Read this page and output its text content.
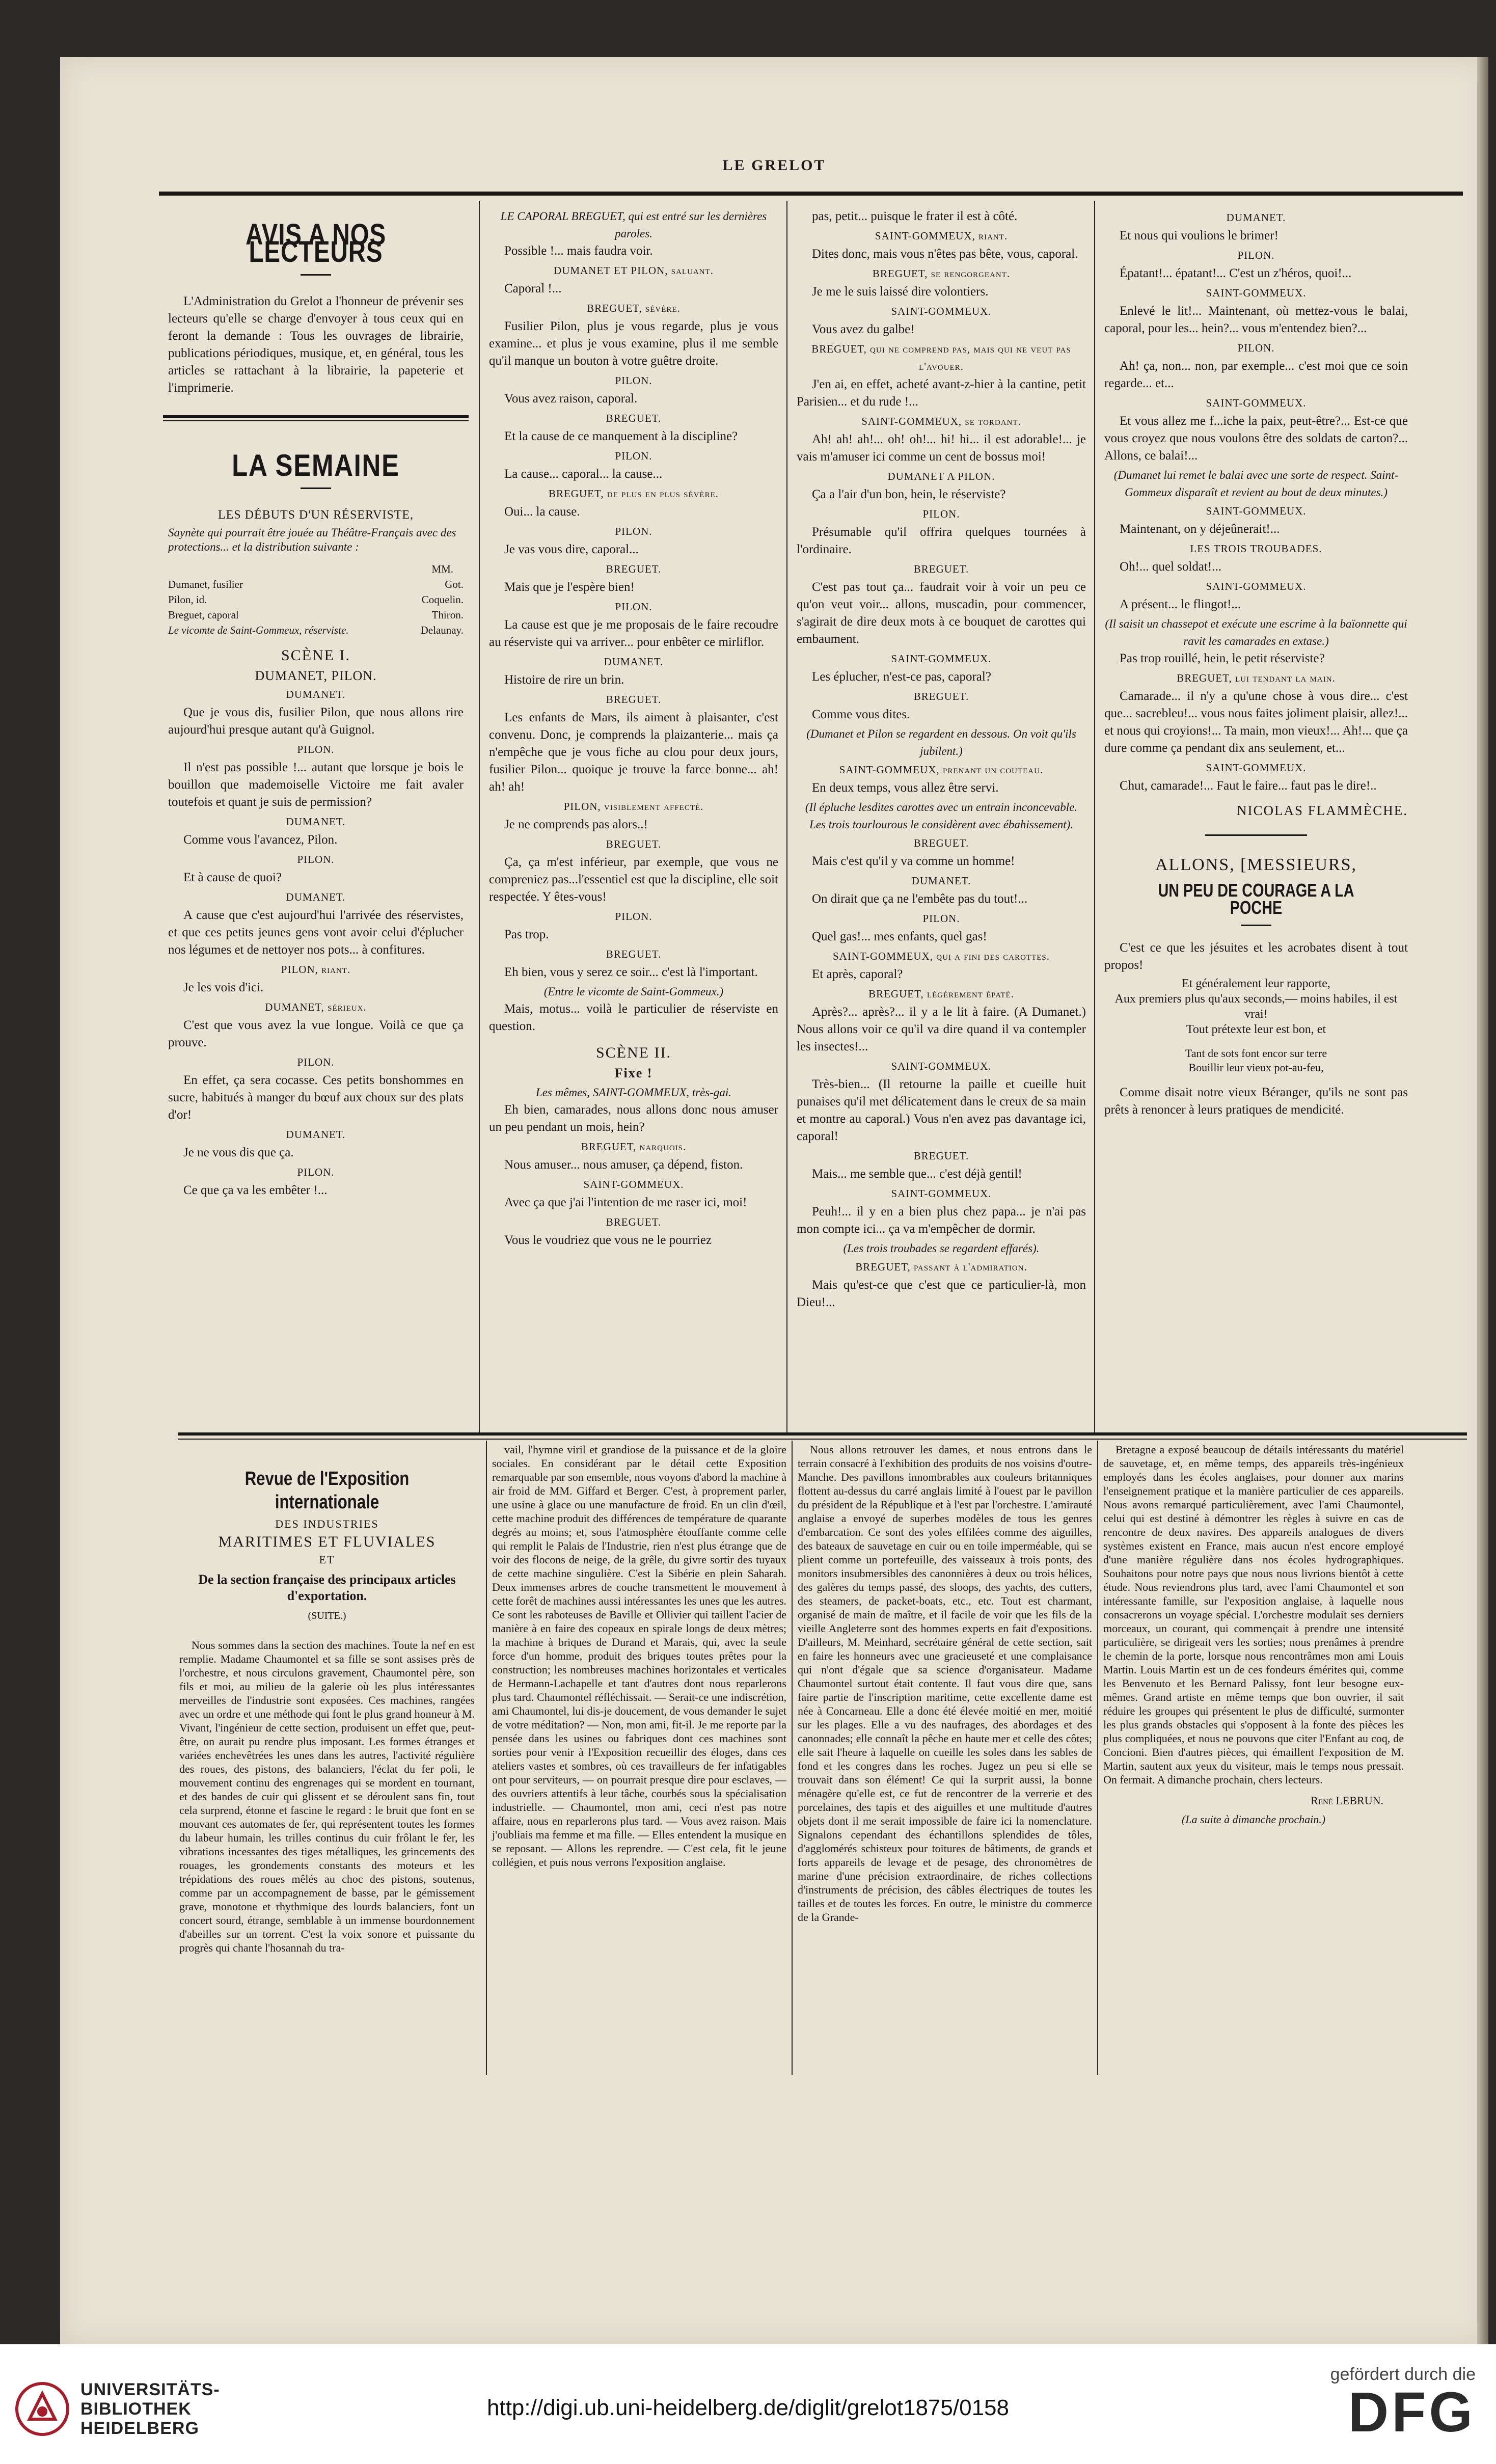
LE GRELOT
AVIS A NOS LECTEURS

L'Administration du Grelot a l'honneur de prévenir ses lecteurs qu'elle se charge d'envoyer à tous ceux qui en feront la demande : Tous les ouvrages de librairie, publications périodiques, musique, et, en général, tous les articles se rattachant à la librairie, la papeterie et l'imprimerie.

LA SEMAINE
LES DÉBUTS D'UN RÉSERVISTE,
Saynète qui pourrait être jouée au Théâtre-Français avec des protections... et la distribution suivante :
MM.
Dumanet, fusilier	Got.
Pilon, id.	Coquelin.
Breguet, caporal	Thiron.
Le vicomte de Saint-Gommeux, réserviste.	Delaunay.
SCÈNE I.
DUMANET, PILON.
DUMANET.

Que je vous dis, fusilier Pilon, que nous allons rire aujourd'hui presque autant qu'à Guignol.

PILON.

Il n'est pas possible !... autant que lorsque je bois le bouillon que mademoiselle Victoire me fait avaler toutefois et quant je suis de permission?

DUMANET.

Comme vous l'avancez, Pilon.

PILON.

Et à cause de quoi?

DUMANET.

A cause que c'est aujourd'hui l'arrivée des réservistes, et que ces petits jeunes gens vont avoir celui d'éplucher nos légumes et de nettoyer nos pots... à confitures.

PILON, riant.

Je les vois d'ici.

DUMANET, sérieux.

C'est que vous avez la vue longue. Voilà ce que ça prouve.

PILON.

En effet, ça sera cocasse. Ces petits bonshommes en sucre, habitués à manger du bœuf aux choux sur des plats d'or!

DUMANET.

Je ne vous dis que ça.

PILON.

Ce que ça va les embêter !...

LE CAPORAL BREGUET, qui est entré sur les dernières paroles.

Possible !... mais faudra voir.

DUMANET ET PILON, saluant.

Caporal !...

BREGUET, sévère.

Fusilier Pilon, plus je vous regarde, plus je vous examine... et plus je vous examine, plus il me semble qu'il manque un bouton à votre guêtre droite.

PILON.

Vous avez raison, caporal.

BREGUET.

Et la cause de ce manquement à la discipline?

PILON.

La cause... caporal... la cause...

BREGUET, de plus en plus sévère.

Oui... la cause.

PILON.

Je vas vous dire, caporal...

BREGUET.

Mais que je l'espère bien!

PILON.

La cause est que je me proposais de le faire recoudre au réserviste qui va arriver... pour enbêter ce mirliflor.

DUMANET.

Histoire de rire un brin.

BREGUET.

Les enfants de Mars, ils aiment à plaisanter, c'est convenu. Donc, je comprends la plaizanterie... mais ça n'empêche que je vous fiche au clou pour deux jours, fusilier Pilon... quoique je trouve la farce bonne... ah! ah! ah!

PILON, visiblement affecté.

Je ne comprends pas alors..!

BREGUET.

Ça, ça m'est inférieur, par exemple, que vous ne compreniez pas...l'essentiel est que la discipline, elle soit respectée. Y êtes-vous!

PILON.

Pas trop.

BREGUET.

Eh bien, vous y serez ce soir... c'est là l'important.

(Entre le vicomte de Saint-Gommeux.)

Mais, motus... voilà le particulier de réserviste en question.

SCÈNE II.
Fixe !
Les mêmes, SAINT-GOMMEUX, très-gai.

Eh bien, camarades, nous allons donc nous amuser un peu pendant un mois, hein?

BREGUET, narquois.

Nous amuser... nous amuser, ça dépend, fiston.

SAINT-GOMMEUX.

Avec ça que j'ai l'intention de me raser ici, moi!

BREGUET.

Vous le voudriez que vous ne le pourriez

pas, petit... puisque le frater il est à côté.

SAINT-GOMMEUX, riant.

Dites donc, mais vous n'êtes pas bête, vous, caporal.

BREGUET, se rengorgeant.

Je me le suis laissé dire volontiers.

SAINT-GOMMEUX.

Vous avez du galbe!

BREGUET, qui ne comprend pas, mais qui ne veut pas l'avouer.

J'en ai, en effet, acheté avant-z-hier à la cantine, petit Parisien... et du rude !...

SAINT-GOMMEUX, se tordant.

Ah! ah! ah!... oh! oh!... hi! hi... il est adorable!... je vais m'amuser ici comme un cent de bossus moi!

DUMANET A PILON.

Ça a l'air d'un bon, hein, le réserviste?

PILON.

Présumable qu'il offrira quelques tournées à l'ordinaire.

BREGUET.

C'est pas tout ça... faudrait voir à voir un peu ce qu'on veut voir... allons, muscadin, pour commencer, s'agirait de dire deux mots à ce bouquet de carottes qui embaument.

SAINT-GOMMEUX.

Les éplucher, n'est-ce pas, caporal?

BREGUET.

Comme vous dites.

(Dumanet et Pilon se regardent en dessous. On voit qu'ils jubilent.)
SAINT-GOMMEUX, prenant un couteau.

En deux temps, vous allez être servi.

(Il épluche lesdites carottes avec un entrain inconcevable. Les trois tourlourous le considèrent avec ébahissement).
BREGUET.

Mais c'est qu'il y va comme un homme!

DUMANET.

On dirait que ça ne l'embête pas du tout!...

PILON.

Quel gas!... mes enfants, quel gas!

SAINT-GOMMEUX, qui a fini des carottes.

Et après, caporal?

BREGUET, légèrement épaté.

Après?... après?... il y a le lit à faire. (A Dumanet.) Nous allons voir ce qu'il va dire quand il va contempler les insectes!...

SAINT-GOMMEUX.

Très-bien... (Il retourne la paille et cueille huit punaises qu'il met délicatement dans le creux de sa main et montre au caporal.) Vous n'en avez pas davantage ici, caporal!

BREGUET.

Mais... me semble que... c'est déjà gentil!

SAINT-GOMMEUX.

Peuh!... il y en a bien plus chez papa... je n'ai pas mon compte ici... ça va m'empêcher de dormir.

(Les trois troubades se regardent effarés).
BREGUET, passant à l'admiration.

Mais qu'est-ce que c'est que ce particulier-là, mon Dieu!...

DUMANET.

Et nous qui voulions le brimer!

PILON.

Épatant!... épatant!... C'est un z'héros, quoi!...

SAINT-GOMMEUX.

Enlevé le lit!... Maintenant, où mettez-vous le balai, caporal, pour les... hein?... vous m'entendez bien?...

PILON.

Ah! ça, non... non, par exemple... c'est moi que ce soin regarde... et...

SAINT-GOMMEUX.

Et vous allez me f...iche la paix, peut-être?... Est-ce que vous croyez que nous voulons être des soldats de carton?... Allons, ce balai!...

(Dumanet lui remet le balai avec une sorte de respect. Saint-Gommeux disparaît et revient au bout de deux minutes.)
SAINT-GOMMEUX.

Maintenant, on y déjeûnerait!...

LES TROIS TROUBADES.

Oh!... quel soldat!...

SAINT-GOMMEUX.

A présent... le flingot!...

(Il saisit un chassepot et exécute une escrime à la baïonnette qui ravit les camarades en extase.)

Pas trop rouillé, hein, le petit réserviste?

BREGUET, lui tendant la main.

Camarade... il n'y a qu'une chose à vous dire... c'est que... sacrebleu!... vous nous faites joliment plaisir, allez!... et nous qui croyions!... Ta main, mon vieux!... Ah!... que ça dure comme ça pendant dix ans seulement, et...

SAINT-GOMMEUX.

Chut, camarade!... Faut le faire... faut pas le dire!..

NICOLAS FLAMMÈCHE.
ALLONS, [MESSIEURS,
UN PEU DE COURAGE A LA POCHE

C'est ce que les jésuites et les acrobates disent à tout propos!

Et généralement leur rapporte,
Aux premiers plus qu'aux seconds,— moins habiles, il est vrai!
Tout prétexte leur est bon, et
Tant de sots font encor sur terre
Bouillir leur vieux pot-au-feu,

Comme disait notre vieux Béranger, qu'ils ne sont pas prêts à renoncer à leurs pratiques de mendicité.

Revue de l'Exposition internationale
DES INDUSTRIES
MARITIMES ET FLUVIALES
ET
De la section française des principaux articles d'exportation.
(SUITE.)

Nous sommes dans la section des machines. Toute la nef en est remplie. Madame Chaumontel et sa fille se sont assises près de l'orchestre, et nous circulons gravement, Chaumontel père, son fils et moi, au milieu de la galerie où les plus intéressantes merveilles de l'industrie sont exposées. Ces machines, rangées avec un ordre et une méthode qui font le plus grand honneur à M. Vivant, l'ingénieur de cette section, produisent un effet que, peut-être, on aurait pu rendre plus imposant. Les formes étranges et variées enchevêtrées les unes dans les autres, l'activité régulière des roues, des pistons, des balanciers, l'éclat du fer poli, le mouvement continu des engrenages qui se mordent en tournant, et des bandes de cuir qui glissent et se déroulent sans fin, tout cela surprend, étonne et fascine le regard : le bruit que font en se mouvant ces automates de fer, qui représentent toutes les formes du labeur humain, les trilles continus du cuir frôlant le fer, les vibrations incessantes des tiges métalliques, les grincements des rouages, les grondements constants des moteurs et les trépidations des roues mêlés au choc des pistons, soutenus, comme par un accompagnement de basse, par le gémissement grave, monotone et rhythmique des lourds balanciers, font un concert sourd, étrange, semblable à un immense bourdonnement d'abeilles sur un torrent. C'est la voix sonore et puissante du progrès qui chante l'hosannah du tra-

vail, l'hymne viril et grandiose de la puissance et de la gloire sociales. En considérant par le détail cette Exposition remarquable par son ensemble, nous voyons d'abord la machine à air froid de MM. Giffard et Berger. C'est, à proprement parler, une usine à glace ou une manufacture de froid. En un clin d'œil, cette machine produit des différences de température de quarante degrés au moins; et, sous l'atmosphère étouffante comme celle qui remplit le Palais de l'Industrie, rien n'est plus étrange que de voir des flocons de neige, de la grêle, du givre sortir des tuyaux de cette machine singulière. C'est la Sibérie en plein Saharah. Deux immenses arbres de couche transmettent le mouvement à cette forêt de machines aussi intéressantes les unes que les autres. Ce sont les raboteuses de Baville et Ollivier qui taillent l'acier de manière à en faire des copeaux en spirale longs de deux mètres; la machine à briques de Durand et Marais, qui, avec la seule force d'un homme, produit des briques toutes prêtes pour la construction; les nombreuses machines horizontales et verticales de Hermann-Lachapelle et tant d'autres dont nous reparlerons plus tard. Chaumontel réfléchissait. — Serait-ce une indiscrétion, ami Chaumontel, lui dis-je doucement, de vous demander le sujet de votre méditation? — Non, mon ami, fit-il. Je me reporte par la pensée dans les usines ou fabriques dont ces machines sont sorties pour venir à l'Exposition recueillir des éloges, dans ces ateliers vastes et sombres, où ces travailleurs de fer infatigables ont pour serviteurs, — on pourrait presque dire pour esclaves, — des ouvriers attentifs à leur tâche, courbés sous la spécialisation industrielle. — Chaumontel, mon ami, ceci n'est pas notre affaire, nous en reparlerons plus tard. — Vous avez raison. Mais j'oubliais ma femme et ma fille. — Elles entendent la musique en se reposant. — Allons les reprendre. — C'est cela, fit le jeune collégien, et puis nous verrons l'exposition anglaise.

Nous allons retrouver les dames, et nous entrons dans le terrain consacré à l'exhibition des produits de nos voisins d'outre-Manche. Des pavillons innombrables aux couleurs britanniques flottent au-dessus du carré anglais limité à l'ouest par le pavillon du président de la République et à l'est par l'orchestre. L'amirauté anglaise a envoyé de superbes modèles de tous les genres d'embarcation. Ce sont des yoles effilées comme des aiguilles, des bateaux de sauvetage en cuir ou en toile imperméable, qui se plient comme un portefeuille, des vaisseaux à trois ponts, des monitors insubmersibles des canonnières à deux ou trois hélices, des galères du temps passé, des sloops, des yachts, des cutters, des steamers, de packet-boats, etc., etc. Tout est charmant, organisé de main de maître, et il facile de voir que les fils de la vieille Angleterre sont des hommes experts en fait d'expositions. D'ailleurs, M. Meinhard, secrétaire général de cette section, sait en faire les honneurs avec une gracieuseté et une complaisance qui n'ont d'égale que sa science d'organisateur. Madame Chaumontel surtout était contente. Il faut vous dire que, sans faire partie de l'inscription maritime, cette excellente dame est née à Concarneau. Elle a donc été élevée moitié en mer, moitié sur les plages. Elle a vu des naufrages, des abordages et des canonnades; elle connaît la pêche en haute mer et celle des côtes; elle sait l'heure à laquelle on cueille les soles dans les sables de fond et les congres dans les roches. Jugez un peu si elle se trouvait dans son élément! Ce qui la surprit aussi, la bonne ménagère qu'elle est, ce fut de rencontrer de la verrerie et des porcelaines, des tapis et des aiguilles et une multitude d'autres objets dont il me serait impossible de faire ici la nomenclature. Signalons cependant des échantillons splendides de tôles, d'agglomérés schisteux pour toitures de bâtiments, de grands et forts appareils de levage et de pesage, des chronomètres de marine d'une précision extraordinaire, de riches collections d'instruments de précision, des câbles électriques de toutes les tailles et de toutes les forces. En outre, le ministre du commerce de la Grande-

Bretagne a exposé beaucoup de détails intéressants du matériel de sauvetage, et, en même temps, des appareils très-ingénieux employés dans les écoles anglaises, pour donner aux marins l'enseignement pratique et la manière particulier de ces appareils. Nous avons remarqué particulièrement, avec l'ami Chaumontel, celui qui est destiné à démontrer les règles à suivre en cas de rencontre de deux navires. Des appareils analogues de divers systèmes existent en France, mais aucun n'est encore employé d'une manière régulière dans nos écoles hydrographiques. Souhaitons pour notre pays que nous nous livrions bientôt à cette étude. Nous reviendrons plus tard, avec l'ami Chaumontel et son intéressante famille, sur l'exposition anglaise, à laquelle nous consacrerons un voyage spécial. L'orchestre modulait ses derniers morceaux, un courant, qui commençait à prendre une intensité particulière, se dirigeait vers les sorties; nous prenâmes à prendre le chemin de la porte, lorsque nous rencontrâmes mon ami Louis Martin. Louis Martin est un de ces fondeurs émérites qui, comme les Benvenuto et les Bernard Palissy, font leur besogne eux-mêmes. Grand artiste en même temps que bon ouvrier, il sait réduire les groupes qui présentent le plus de difficulté, surmonter les plus grands obstacles qui s'opposent à la fonte des pièces les plus compliquées, et nous ne pouvons que citer l'Enfant au coq, de Concioni. Bien d'autres pièces, qui émaillent l'exposition de M. Martin, sautent aux yeux du visiteur, mais le temps nous pressait. On fermait. A dimanche prochain, chers lecteurs.

René LEBRUN.
(La suite à dimanche prochain.)
UNIVERSITÄTS-
BIBLIOTHEK
HEIDELBERG
http://digi.ub.uni-heidelberg.de/diglit/grelot1875/0158
gefördert durch die
DFG
